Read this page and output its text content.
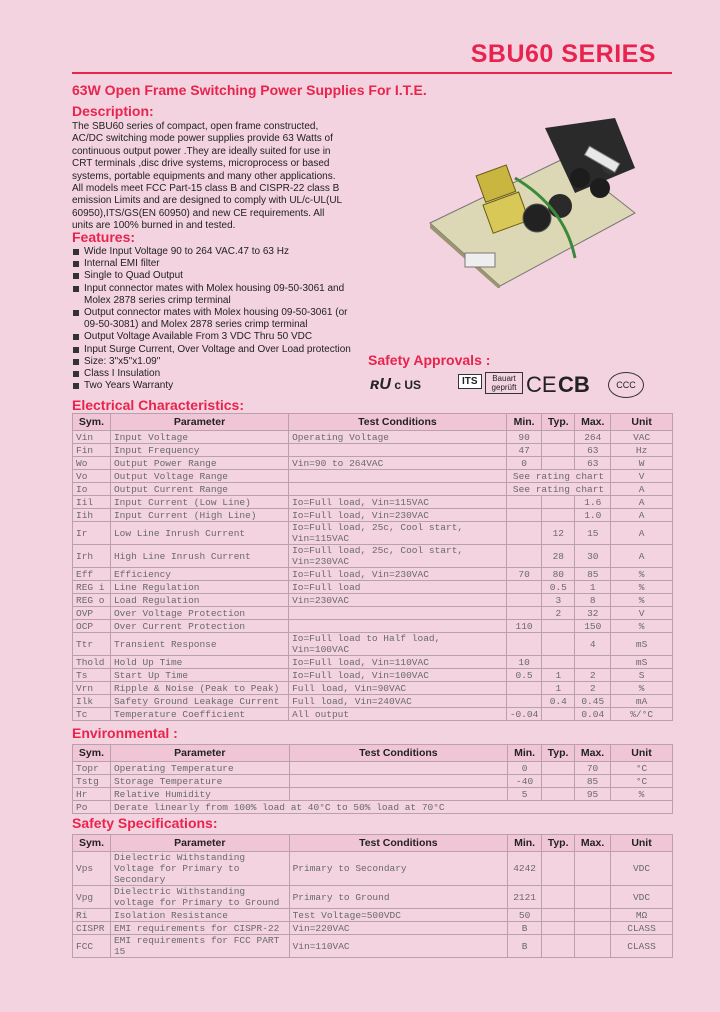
SBU60 SERIES
63W Open Frame Switching Power Supplies For I.T.E.
Description:
The SBU60 series of compact, open frame constructed, AC/DC switching mode power supplies provide 63 Watts of continuous output power .They are ideally suited for use in CRT terminals ,disc drive systems, microprocess or based systems, portable equipments and many other applications. All models meet FCC Part-15 class B and CISPR-22 class B emission Limits and are designed to comply with UL/c-UL(UL 60950),ITS/GS(EN 60950) and new CE requirements. All units are 100% burned in and tested.
Features:
Wide Input Voltage 90 to 264 VAC.47 to 63 Hz
Internal EMI filter
Single to Quad Output
Input connector mates with Molex housing 09-50-3061 and Molex 2878 series crimp terminal
Output connector mates with Molex housing 09-50-3061 (or 09-50-3081) and Molex 2878 series crimp terminal
Output Voltage Available From 3 VDC Thru 50 VDC
Input Surge Current, Over Voltage and Over Load protection
Size: 3"x5"x1.09"
Class I Insulation
Two Years Warranty
Safety Approvals :
ʀU c US	ITS	Bauart geprüft CE CB	CCC
Electrical Characteristics:
Sym.	Parameter	Test Conditions	Min.	Typ.	Max.	Unit
Vin	Input Voltage	Operating Voltage	90		264	VAC
Fin	Input Frequency		47		63	Hz
Wo	Output Power Range	Vin=90 to 264VAC	0		63	W
Vo	Output Voltage Range		See rating chart			V
Io	Output Current Range		See rating chart			A
Iil	Input Current (Low Line)	Io=Full load, Vin=115VAC			1.6	A
Iih	Input Current (High Line)	Io=Full load, Vin=230VAC			1.0	A
Ir	Low Line Inrush Current	Io=Full load, 25c, Cool start, Vin=115VAC		12	15	A
Irh	High Line Inrush Current	Io=Full load, 25c, Cool start, Vin=230VAC		28	30	A
Eff	Efficiency	Io=Full load, Vin=230VAC	70	80	85	%
REG i	Line Regulation	Io=Full load		0.5	1	%
REG o	Load Regulation	Vin=230VAC		3	8	%
OVP	Over Voltage Protection			2	32	V
OCP	Over Current Protection		110		150	%
Ttr	Transient Response	Io=Full load to Half load, Vin=100VAC			4	mS
Thold	Hold Up Time	Io=Full load, Vin=110VAC	10			mS
Ts	Start Up Time	Io=Full load, Vin=100VAC	0.5	1	2	S
Vrn	Ripple & Noise (Peak to Peak)	Full load, Vin=90VAC		1	2	%
Ilk	Safety Ground Leakage Current	Full load, Vin=240VAC		0.4	0.45	mA
Tc	Temperature Coefficient	All output	-0.04		0.04	%/°C
Environmental :
Sym.	Parameter	Test Conditions	Min.	Typ.	Max.	Unit
Topr	Operating Temperature		0		70	°C
Tstg	Storage Temperature		-40		85	°C
Hr	Relative Humidity		5		95	%
Po	Derate linearly from 100% load at 40°C to 50% load at 70°C					
Safety Specifications:
Sym.	Parameter	Test Conditions	Min.	Typ.	Max.	Unit
Vps	Dielectric Withstanding Voltage for Primary to Secondary	Primary to Secondary	4242			VDC
Vpg	Dielectric Withstanding voltage for Primary to Ground	Primary to Ground	2121			VDC
Ri	Isolation Resistance	Test Voltage=500VDC	50			MΩ
CISPR	EMI requirements for CISPR-22	Vin=220VAC	B			CLASS
FCC	EMI requirements for FCC PART 15	Vin=110VAC	B			CLASS
